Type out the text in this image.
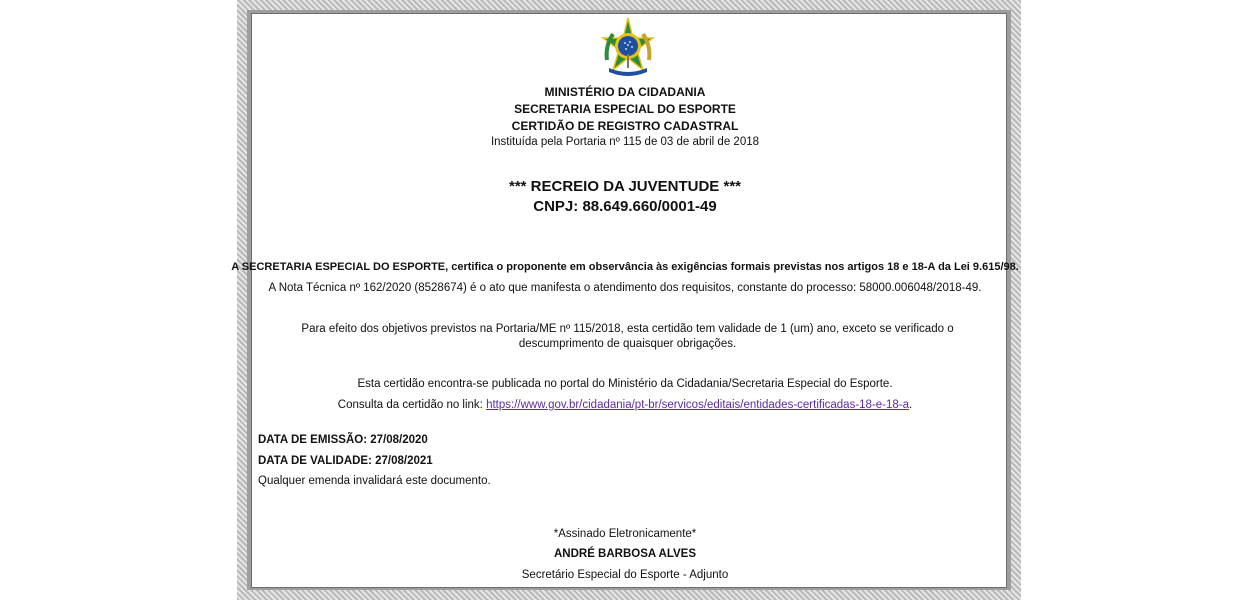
MINISTÉRIO DA CIDADANIA
SECRETARIA ESPECIAL DO ESPORTE
CERTIDÃO DE REGISTRO CADASTRAL
Instituída pela Portaria nº 115 de 03 de abril de 2018
*** RECREIO DA JUVENTUDE ***
CNPJ: 88.649.660/0001-49
A SECRETARIA ESPECIAL DO ESPORTE, certifica o proponente em observância às exigências formais previstas nos artigos 18 e 18-A da Lei 9.615/98.
A Nota Técnica nº 162/2020 (8528674) é o ato que manifesta o atendimento dos requisitos, constante do processo: 58000.006048/2018-49.
Para efeito dos objetivos previstos na Portaria/ME nº 115/2018, esta certidão tem validade de 1 (um) ano, exceto se verificado o descumprimento de quaisquer obrigações.
Esta certidão encontra-se publicada no portal do Ministério da Cidadania/Secretaria Especial do Esporte.
Consulta da certidão no link: https://www.gov.br/cidadania/pt-br/servicos/editais/entidades-certificadas-18-e-18-a.
DATA DE EMISSÃO: 27/08/2020
DATA DE VALIDADE: 27/08/2021
Qualquer emenda invalidará este documento.
*Assinado Eletronicamente*
ANDRÉ BARBOSA ALVES
Secretário Especial do Esporte - Adjunto
